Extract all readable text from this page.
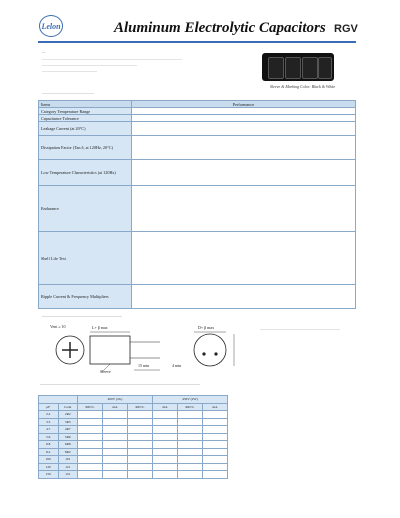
Lelon	Aluminum Electrolytic Capacitors RGV
Sleeve & Marking Color: Black & White
Items	Performance
Category Temperature Range	
Capacitance Tolerance	
Leakage Current (at 20°C)	
Dissipation Factor (Tan δ, at 120Hz, 20°C)	
Low Temperature Characteristics (at 120Hz)	
Endurance	
Shelf Life Test	
Ripple Current & Frequency Multipliers	
Vent ≥ 10	L+ β max	D+ β max
Sleeve
15 min	4 min
		400V (2G)			450V (2W)		
μF	Code	ΦD×L	mA	ΦD×L	mA	ΦD×L	mA
2.2	2R2						
3.3	3R3						
4.7	4R7						
5.6	5R6						
6.8	6R8						
8.2	8R2						
100	101						
120	121						
150	151						
